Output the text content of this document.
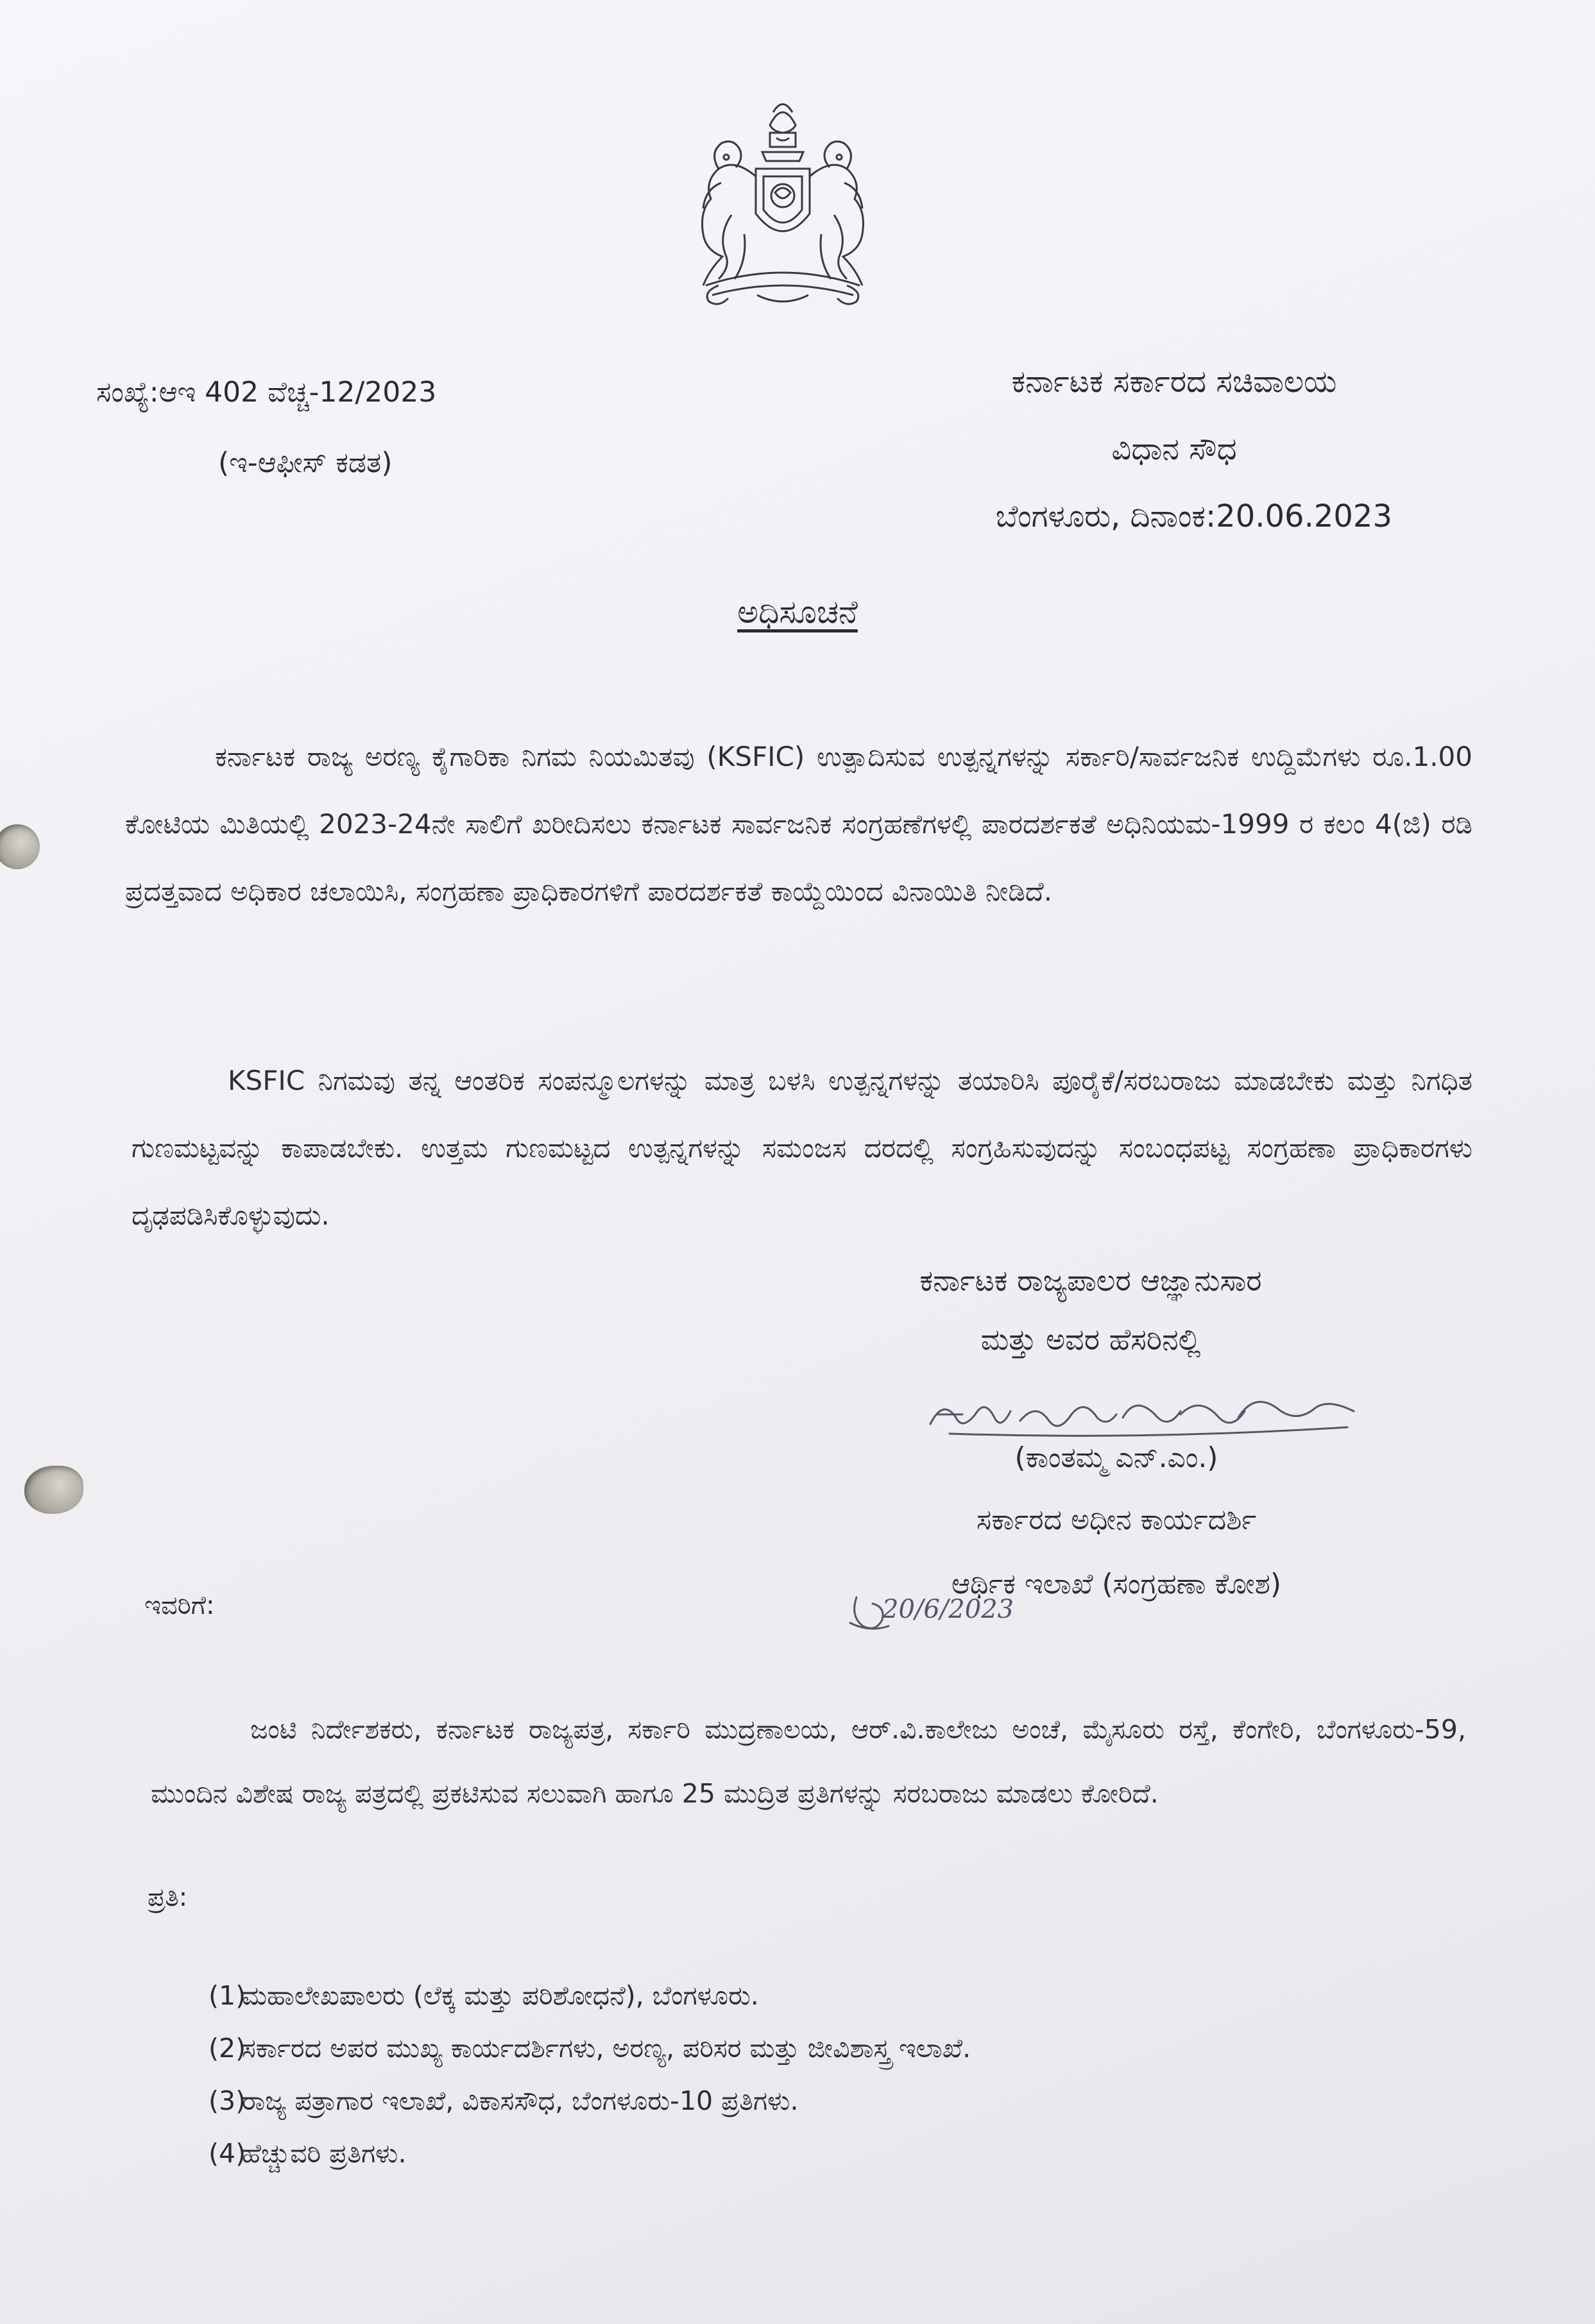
ಸಂಖ್ಯೆ:ಆಇ 402 ವೆಚ್ಚ-12/2023
(ಇ-ಆಫೀಸ್ ಕಡತ)
ಕರ್ನಾಟಕ ಸರ್ಕಾರದ ಸಚಿವಾಲಯ
ವಿಧಾನ ಸೌಧ
ಬೆಂಗಳೂರು, ದಿನಾಂಕ:20.06.2023
ಅಧಿಸೂಚನೆ

ಕರ್ನಾಟಕ ರಾಜ್ಯ ಅರಣ್ಯ ಕೈಗಾರಿಕಾ ನಿಗಮ ನಿಯಮಿತವು (KSFIC) ಉತ್ಪಾದಿಸುವ ಉತ್ಪನ್ನಗಳನ್ನು ಸರ್ಕಾರಿ/ಸಾರ್ವಜನಿಕ ಉದ್ದಿಮೆಗಳು ರೂ.1.00 ಕೋಟಿಯ ಮಿತಿಯಲ್ಲಿ 2023-24ನೇ ಸಾಲಿಗೆ ಖರೀದಿಸಲು ಕರ್ನಾಟಕ ಸಾರ್ವಜನಿಕ ಸಂಗ್ರಹಣೆಗಳಲ್ಲಿ ಪಾರದರ್ಶಕತೆ ಅಧಿನಿಯಮ-1999 ರ ಕಲಂ 4(ಜಿ) ರಡಿ ಪ್ರದತ್ತವಾದ ಅಧಿಕಾರ ಚಲಾಯಿಸಿ, ಸಂಗ್ರಹಣಾ ಪ್ರಾಧಿಕಾರಗಳಿಗೆ ಪಾರದರ್ಶಕತೆ ಕಾಯ್ದೆಯಿಂದ ವಿನಾಯಿತಿ ನೀಡಿದೆ.

KSFIC ನಿಗಮವು ತನ್ನ ಆಂತರಿಕ ಸಂಪನ್ಮೂಲಗಳನ್ನು ಮಾತ್ರ ಬಳಸಿ ಉತ್ಪನ್ನಗಳನ್ನು ತಯಾರಿಸಿ ಪೂರೈಕೆ/ಸರಬರಾಜು ಮಾಡಬೇಕು ಮತ್ತು ನಿಗಧಿತ ಗುಣಮಟ್ಟವನ್ನು ಕಾಪಾಡಬೇಕು. ಉತ್ತಮ ಗುಣಮಟ್ಟದ ಉತ್ಪನ್ನಗಳನ್ನು ಸಮಂಜಸ ದರದಲ್ಲಿ ಸಂಗ್ರಹಿಸುವುದನ್ನು ಸಂಬಂಧಪಟ್ಟ ಸಂಗ್ರಹಣಾ ಪ್ರಾಧಿಕಾರಗಳು ದೃಢಪಡಿಸಿಕೊಳ್ಳುವುದು.

ಕರ್ನಾಟಕ ರಾಜ್ಯಪಾಲರ ಆಜ್ಞಾನುಸಾರ
ಮತ್ತು ಅವರ ಹೆಸರಿನಲ್ಲಿ
(ಕಾಂತಮ್ಮ ಎನ್.ಎಂ.)
ಸರ್ಕಾರದ ಅಧೀನ ಕಾರ್ಯದರ್ಶಿ
ಆರ್ಥಿಕ ಇಲಾಖೆ (ಸಂಗ್ರಹಣಾ ಕೋಶ)
20/6/2023
ಇವರಿಗೆ:

ಜಂಟಿ ನಿರ್ದೇಶಕರು, ಕರ್ನಾಟಕ ರಾಜ್ಯಪತ್ರ, ಸರ್ಕಾರಿ ಮುದ್ರಣಾಲಯ, ಆರ್.ವಿ.ಕಾಲೇಜು ಅಂಚೆ, ಮೈಸೂರು ರಸ್ತೆ, ಕೆಂಗೇರಿ, ಬೆಂಗಳೂರು-59, ಮುಂದಿನ ವಿಶೇಷ ರಾಜ್ಯ ಪತ್ರದಲ್ಲಿ ಪ್ರಕಟಿಸುವ ಸಲುವಾಗಿ ಹಾಗೂ 25 ಮುದ್ರಿತ ಪ್ರತಿಗಳನ್ನು ಸರಬರಾಜು ಮಾಡಲು ಕೋರಿದೆ.

ಪ್ರತಿ:
(1)ಮಹಾಲೇಖಪಾಲರು (ಲೆಕ್ಕ ಮತ್ತು ಪರಿಶೋಧನೆ), ಬೆಂಗಳೂರು.
(2)ಸರ್ಕಾರದ ಅಪರ ಮುಖ್ಯ ಕಾರ್ಯದರ್ಶಿಗಳು, ಅರಣ್ಯ, ಪರಿಸರ ಮತ್ತು ಜೀವಿಶಾಸ್ತ್ರ ಇಲಾಖೆ.
(3)ರಾಜ್ಯ ಪತ್ರಾಗಾರ ಇಲಾಖೆ, ವಿಕಾಸಸೌಧ, ಬೆಂಗಳೂರು-10 ಪ್ರತಿಗಳು.
(4)ಹೆಚ್ಚುವರಿ ಪ್ರತಿಗಳು.
